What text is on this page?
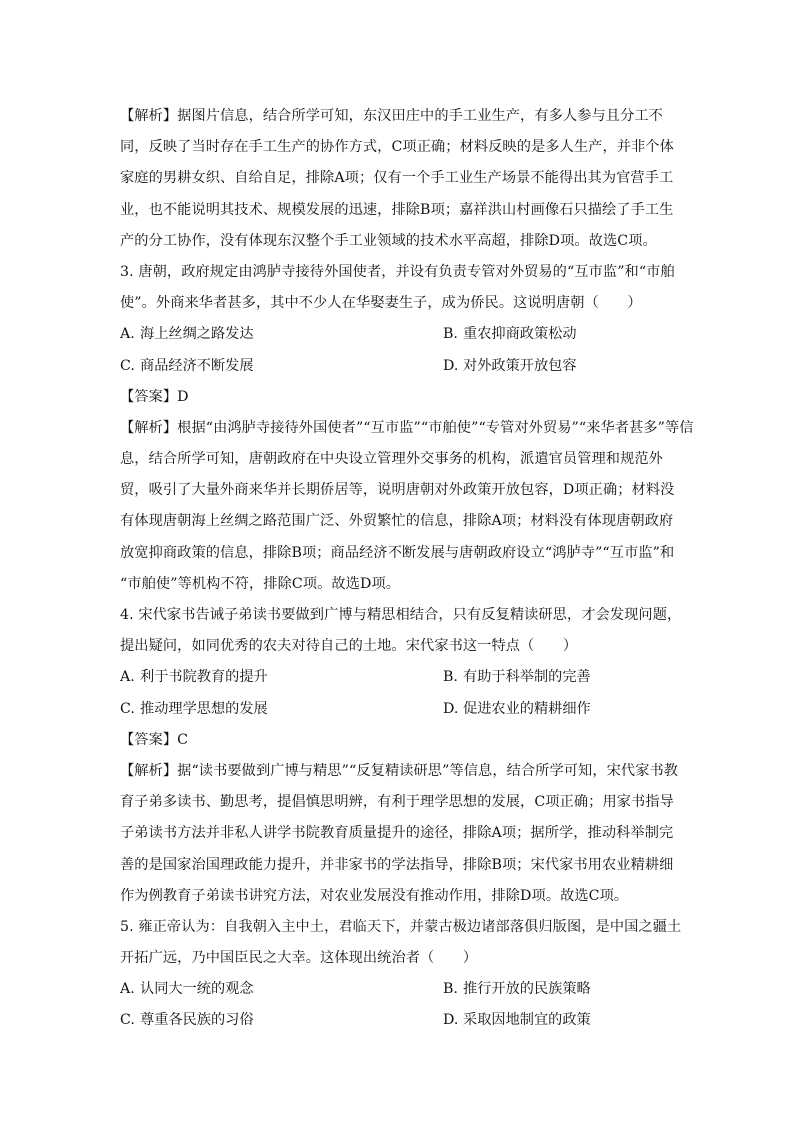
【解析】据图片信息，结合所学可知，东汉田庄中的手工业生产，有多人参与且分工不
同，反映了当时存在手工生产的协作方式，C项正确；材料反映的是多人生产，并非个体
家庭的男耕女织、自给自足，排除A项；仅有一个手工业生产场景不能得出其为官营手工
业，也不能说明其技术、规模发展的迅速，排除B项；嘉祥洪山村画像石只描绘了手工生
产的分工协作，没有体现东汉整个手工业领域的技术水平高超，排除D项。故选C项。
3. 唐朝，政府规定由鸿胪寺接待外国使者，并设有负责专管对外贸易的“互市监”和“市舶
使”。外商来华者甚多，其中不少人在华娶妻生子，成为侨民。这说明唐朝（　　）
A. 海上丝绸之路发达	B. 重农抑商政策松动
C. 商品经济不断发展	D. 对外政策开放包容
【答案】D
【解析】根据“由鸿胪寺接待外国使者”“互市监”“市舶使”“专管对外贸易”“来华者甚多”等信
息，结合所学可知，唐朝政府在中央设立管理外交事务的机构，派遣官员管理和规范外
贸，吸引了大量外商来华并长期侨居等，说明唐朝对外政策开放包容，D项正确；材料没
有体现唐朝海上丝绸之路范围广泛、外贸繁忙的信息，排除A项；材料没有体现唐朝政府
放宽抑商政策的信息，排除B项；商品经济不断发展与唐朝政府设立“鸿胪寺”“互市监”和
“市舶使”等机构不符，排除C项。故选D项。
4. 宋代家书告诫子弟读书要做到广博与精思相结合，只有反复精读研思，才会发现问题，
提出疑问，如同优秀的农夫对待自己的土地。宋代家书这一特点（　　）
A. 利于书院教育的提升	B. 有助于科举制的完善
C. 推动理学思想的发展	D. 促进农业的精耕细作
【答案】C
【解析】据“读书要做到广博与精思”“反复精读研思”等信息，结合所学可知，宋代家书教
育子弟多读书、勤思考，提倡慎思明辨，有利于理学思想的发展，C项正确；用家书指导
子弟读书方法并非私人讲学书院教育质量提升的途径，排除A项；据所学，推动科举制完
善的是国家治国理政能力提升，并非家书的学法指导，排除B项；宋代家书用农业精耕细
作为例教育子弟读书讲究方法，对农业发展没有推动作用，排除D项。故选C项。
5. 雍正帝认为：自我朝入主中土，君临天下，并蒙古极边诸部落俱归版图，是中国之疆土
开拓广远，乃中国臣民之大幸。这体现出统治者（　　）
A. 认同大一统的观念	B. 推行开放的民族策略
C. 尊重各民族的习俗	D. 采取因地制宜的政策
